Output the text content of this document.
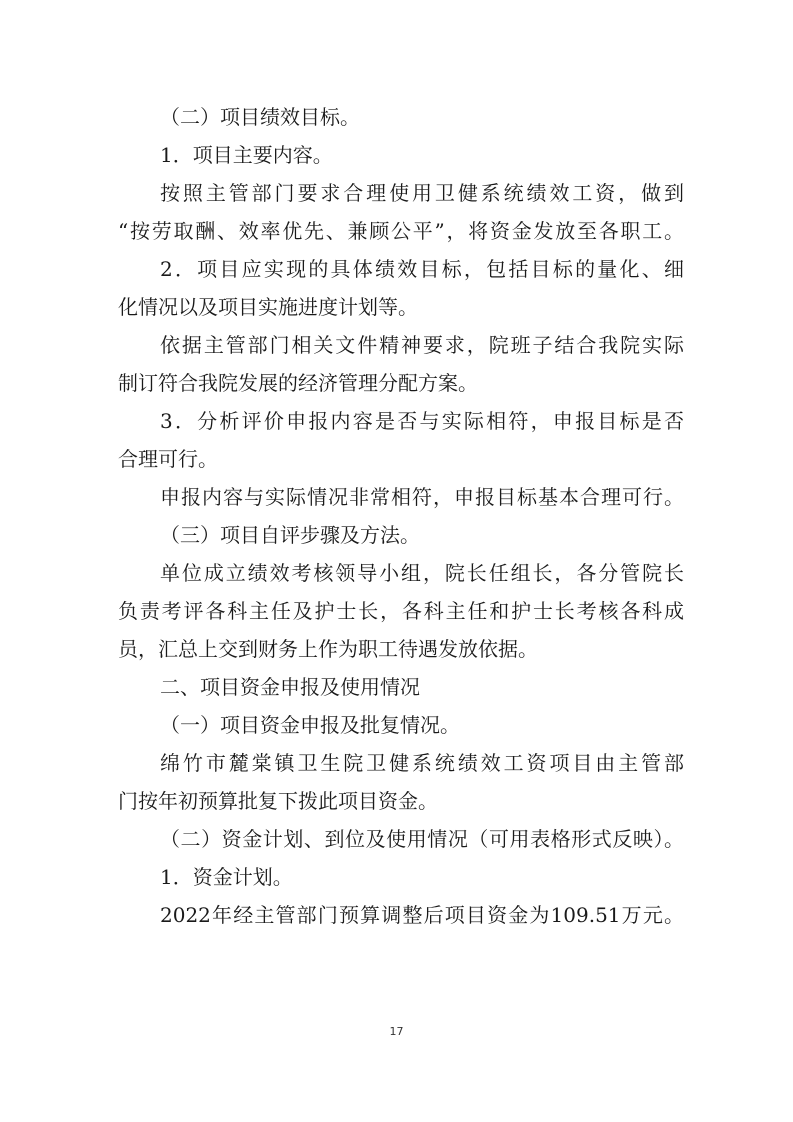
（二）项目绩效目标。
1．项目主要内容。
按照主管部门要求合理使用卫健系统绩效工资，做到
“按劳取酬、效率优先、兼顾公平”，将资金发放至各职工。
2．项目应实现的具体绩效目标，包括目标的量化、细
化情况以及项目实施进度计划等。
依据主管部门相关文件精神要求，院班子结合我院实际
制订符合我院发展的经济管理分配方案。
3．分析评价申报内容是否与实际相符，申报目标是否
合理可行。
申报内容与实际情况非常相符，申报目标基本合理可行。
（三）项目自评步骤及方法。
单位成立绩效考核领导小组，院长任组长，各分管院长
负责考评各科主任及护士长，各科主任和护士长考核各科成
员，汇总上交到财务上作为职工待遇发放依据。
二、项目资金申报及使用情况
（一）项目资金申报及批复情况。
绵竹市麓棠镇卫生院卫健系统绩效工资项目由主管部
门按年初预算批复下拨此项目资金。
（二）资金计划、到位及使用情况（可用表格形式反映）。
1．资金计划。
2022年经主管部门预算调整后项目资金为109.51万元。
17
